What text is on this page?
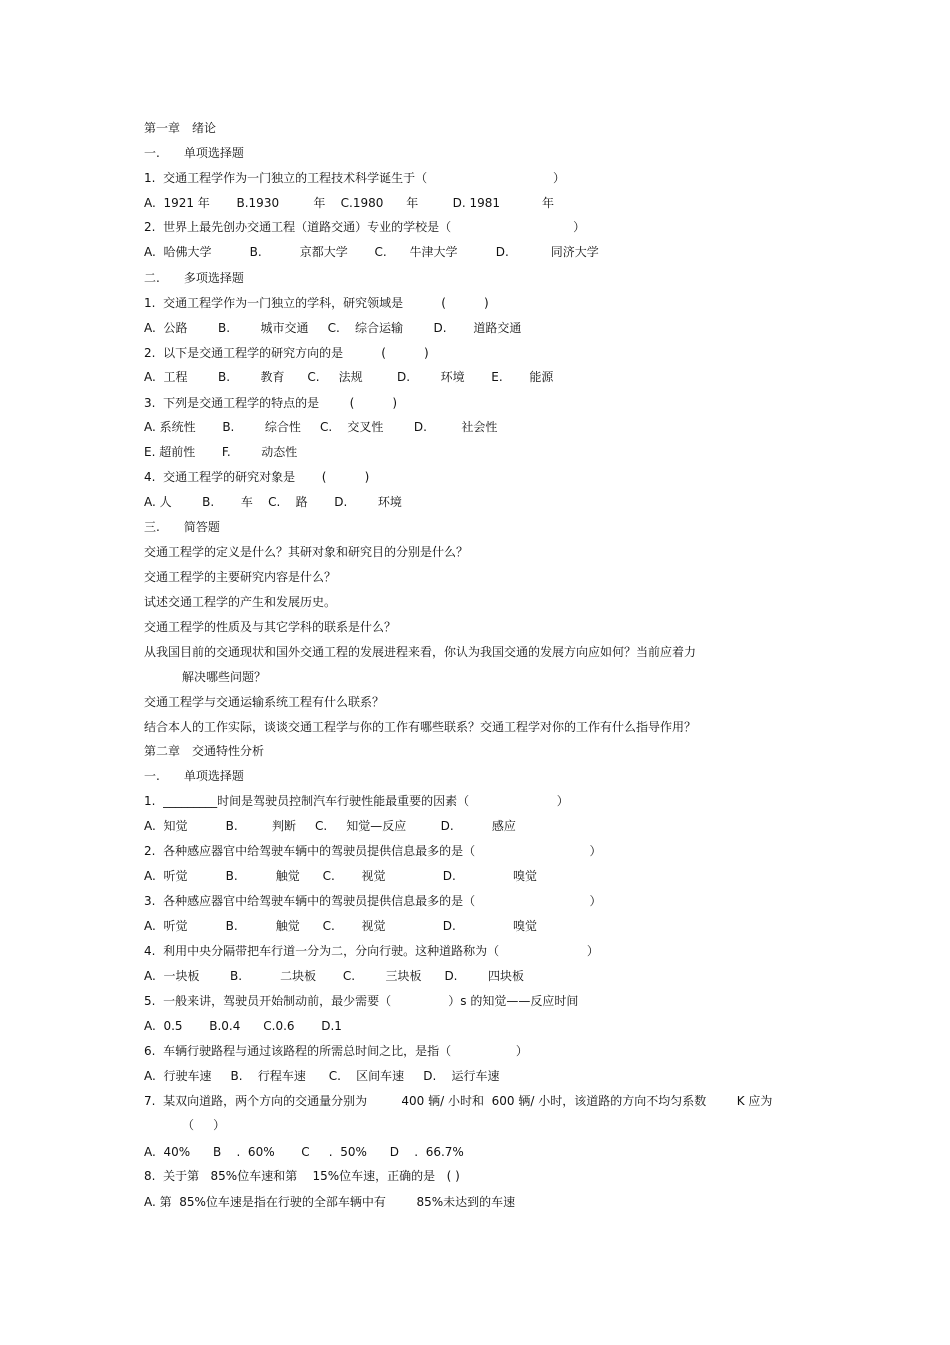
第一章　绪论
一.　　单项选择题
1.  交通工程学作为一门独立的工程技术科学诞生于（                                 ）
A.  1921 年       B.1930         年    C.1980      年         D. 1981           年
2.  世界上最先创办交通工程（道路交通）专业的学校是（                                ）
A.  哈佛大学          B.          京都大学       C.      牛津大学          D.           同济大学
二.　　多项选择题
1.  交通工程学作为一门独立的学科，研究领域是          (          )
A.  公路        B.        城市交通     C.    综合运输        D.       道路交通
2.  以下是交通工程学的研究方向的是          (          )
A.  工程        B.        教育      C.     法规         D.        环境       E.       能源
3.  下列是交通工程学的特点的是        (          )
A. 系统性       B.        综合性     C.    交叉性        D.         社会性
E. 超前性       F.        动态性
4.  交通工程学的研究对象是       (          )
A. 人        B.       车    C.    路       D.        环境
三.　　简答题
交通工程学的定义是什么？其研对象和研究目的分别是什么？
交通工程学的主要研究内容是什么？
试述交通工程学的产生和发展历史。
交通工程学的性质及与其它学科的联系是什么？
从我国目前的交通现状和国外交通工程的发展进程来看，你认为我国交通的发展方向应如何？当前应着力
解决哪些问题？
交通工程学与交通运输系统工程有什么联系？
结合本人的工作实际，谈谈交通工程学与你的工作有哪些联系？交通工程学对你的工作有什么指导作用？
第二章　交通特性分析
一.　　单项选择题
1.  _________时间是驾驶员控制汽车行驶性能最重要的因素（                       ）
A.  知觉          B.         判断     C.     知觉—反应         D.          感应
2.  各种感应器官中给驾驶车辆中的驾驶员提供信息最多的是（                              ）
A.  听觉          B.          触觉      C.       视觉               D.               嗅觉
3.  各种感应器官中给驾驶车辆中的驾驶员提供信息最多的是（                              ）
A.  听觉          B.          触觉      C.       视觉               D.               嗅觉
4.  利用中央分隔带把车行道一分为二，分向行驶。这种道路称为（                       ）
A.  一块板        B.          二块板       C.        三块板      D.        四块板
5.  一般来讲，驾驶员开始制动前，最少需要（               ）s 的知觉——反应时间
A.  0.5       B.0.4      C.0.6       D.1
6.  车辆行驶路程与通过该路程的所需总时间之比，是指（                 ）
A.  行驶车速     B.    行程车速      C.    区间车速     D.    运行车速
7.  某双向道路，两个方向的交通量分别为         400 辆/ 小时和  600 辆/ 小时，该道路的方向不均匀系数        K 应为
（     ）
A.  40%      B    .  60%       C     .  50%      D    .  66.7%
8.  关于第   85%位车速和第    15%位车速，正确的是   ( )
A. 第  85%位车速是指在行驶的全部车辆中有        85%未达到的车速
